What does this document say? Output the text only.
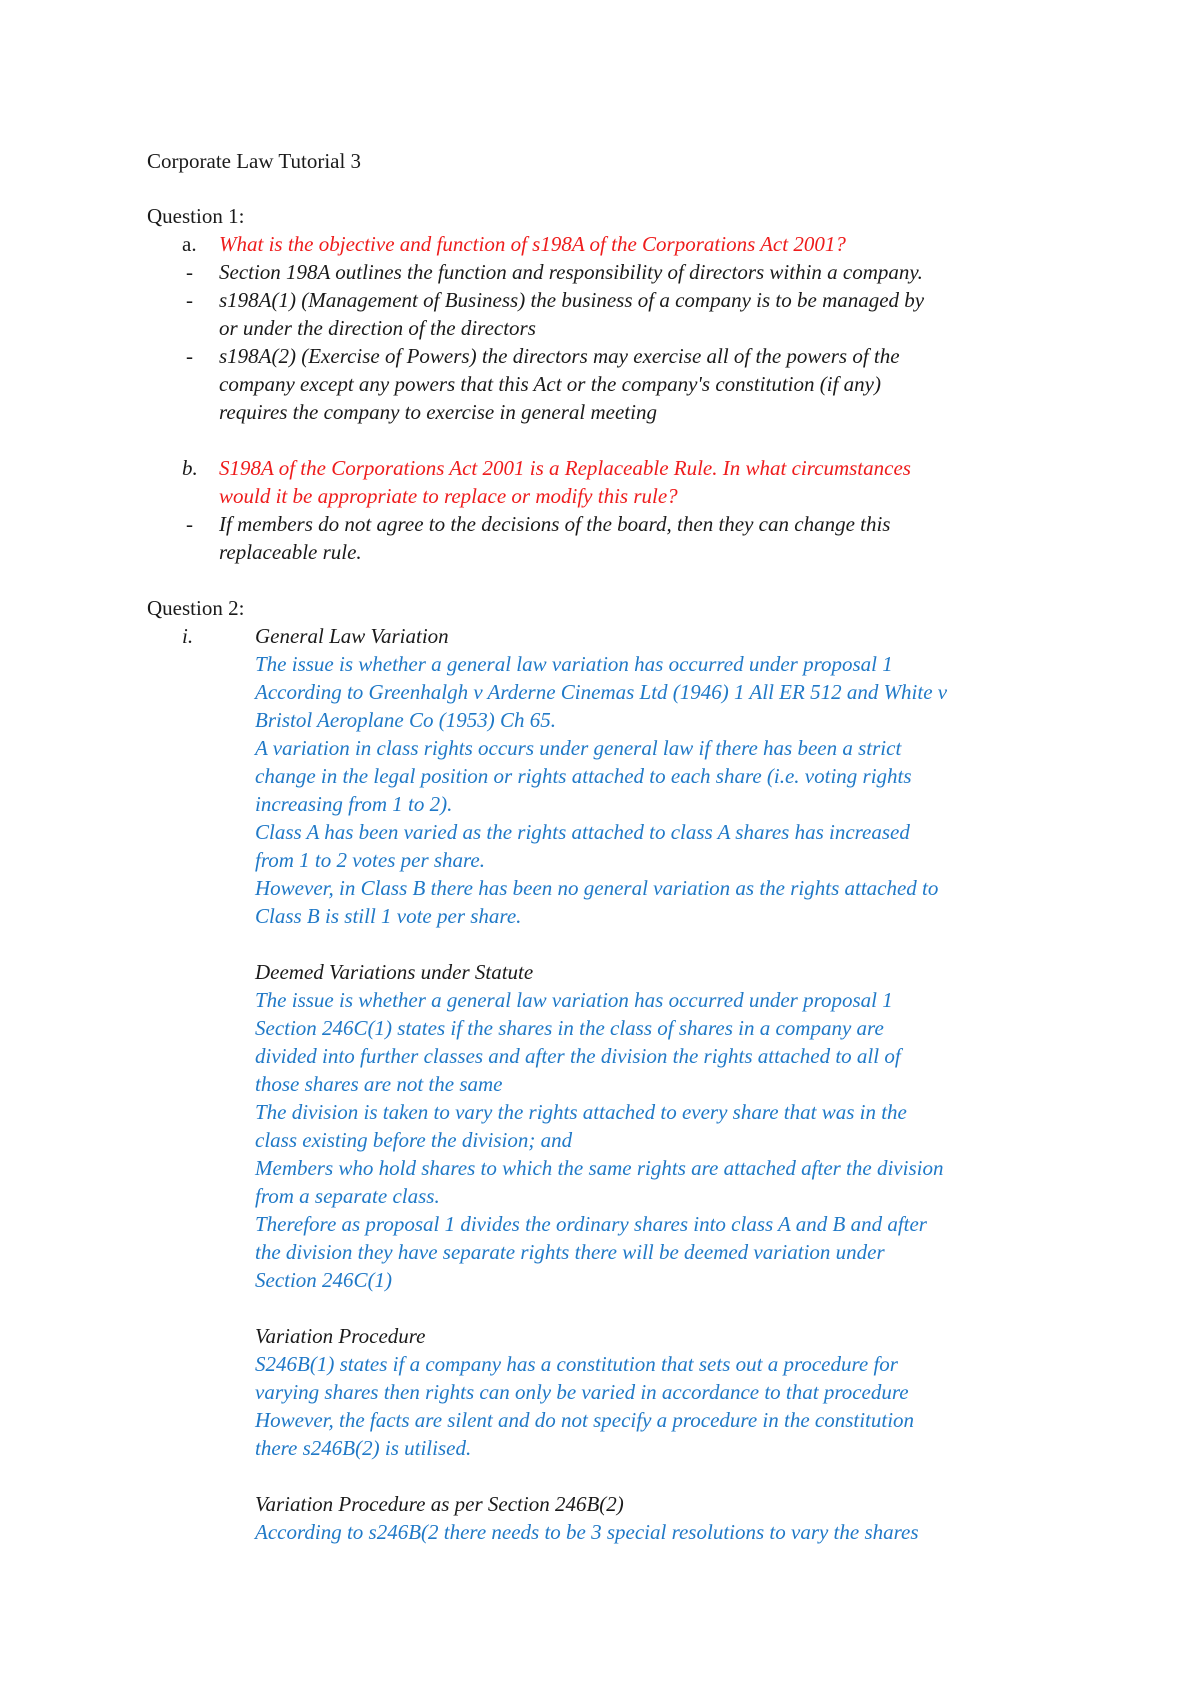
Corporate Law Tutorial 3
Question 1:
a. What is the objective and function of s198A of the Corporations Act 2001?
- Section 198A outlines the function and responsibility of directors within a company.
- s198A(1) (Management of Business) the business of a company is to be managed by
or under the direction of the directors
- s198A(2) (Exercise of Powers) the directors may exercise all of the powers of the
company except any powers that this Act or the company's constitution (if any)
requires the company to exercise in general meeting
b. S198A of the Corporations Act 2001 is a Replaceable Rule. In what circumstances
would it be appropriate to replace or modify this rule?
- If members do not agree to the decisions of the board, then they can change this
replaceable rule.
Question 2:
i.	General Law Variation
The issue is whether a general law variation has occurred under proposal 1
According to Greenhalgh v Arderne Cinemas Ltd (1946) 1 All ER 512 and White v
Bristol Aeroplane Co (1953) Ch 65.
A variation in class rights occurs under general law if there has been a strict
change in the legal position or rights attached to each share (i.e. voting rights
increasing from 1 to 2).
Class A has been varied as the rights attached to class A shares has increased
from 1 to 2 votes per share.
However, in Class B there has been no general variation as the rights attached to
Class B is still 1 vote per share.
Deemed Variations under Statute
The issue is whether a general law variation has occurred under proposal 1
Section 246C(1) states if the shares in the class of shares in a company are
divided into further classes and after the division the rights attached to all of
those shares are not the same
The division is taken to vary the rights attached to every share that was in the
class existing before the division; and
Members who hold shares to which the same rights are attached after the division
from a separate class.
Therefore as proposal 1 divides the ordinary shares into class A and B and after
the division they have separate rights there will be deemed variation under
Section 246C(1)
Variation Procedure
S246B(1) states if a company has a constitution that sets out a procedure for
varying shares then rights can only be varied in accordance to that procedure
However, the facts are silent and do not specify a procedure in the constitution
there s246B(2) is utilised.
Variation Procedure as per Section 246B(2)
According to s246B(2 there needs to be 3 special resolutions to vary the shares
